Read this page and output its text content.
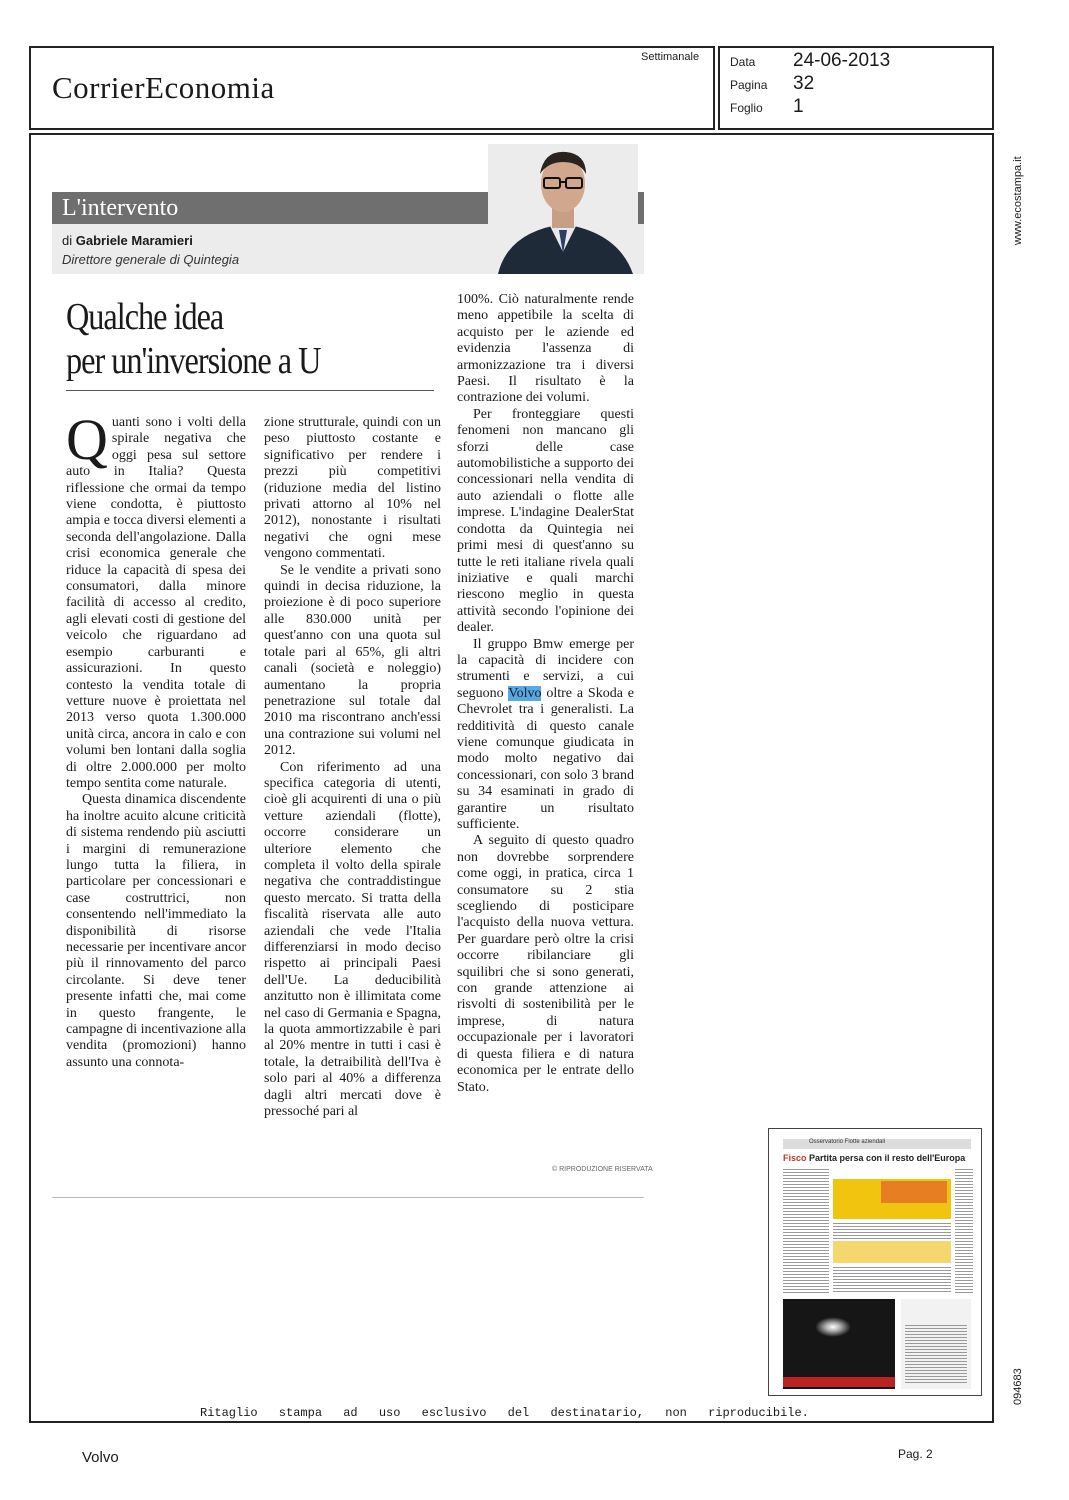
CorrierEconomia
Settimanale	Data 24-06-2013
Pagina 32
Foglio 1
www.ecostampa.it
094683
L'intervento
di Gabriele Maramieri
Direttore generale di Quintegia
Qualche idea
per un'inversione a U

Quanti sono i volti della spirale negativa che oggi pesa sul settore auto in Italia? Questa riflessione che ormai da tempo viene condotta, è piuttosto ampia e tocca diversi elementi a seconda dell'angolazione. Dalla crisi economica generale che riduce la capacità di spesa dei consumatori, dalla minore facilità di accesso al credito, agli elevati costi di gestione del veicolo che riguardano ad esempio carburanti e assicurazioni. In questo contesto la vendita totale di vetture nuove è proiettata nel 2013 verso quota 1.300.000 unità circa, ancora in calo e con volumi ben lontani dalla soglia di oltre 2.000.000 per molto tempo sentita come naturale.

Questa dinamica discendente ha inoltre acuito alcune criticità di sistema rendendo più asciutti i margini di remunerazione lungo tutta la filiera, in particolare per concessionari e case costruttrici, non consentendo nell'immediato la disponibilità di risorse necessarie per incentivare ancor più il rinnovamento del parco circolante. Si deve tener presente infatti che, mai come in questo frangente, le campagne di incentivazione alla vendita (promozioni) hanno assunto una connota-

zione strutturale, quindi con un peso piuttosto costante e significativo per rendere i prezzi più competitivi (riduzione media del listino privati attorno al 10% nel 2012), nonostante i risultati negativi che ogni mese vengono commentati.

Se le vendite a privati sono quindi in decisa riduzione, la proiezione è di poco superiore alle 830.000 unità per quest'anno con una quota sul totale pari al 65%, gli altri canali (società e noleggio) aumentano la propria penetrazione sul totale dal 2010 ma riscontrano anch'essi una contrazione sui volumi nel 2012.

Con riferimento ad una specifica categoria di utenti, cioè gli acquirenti di una o più vetture aziendali (flotte), occorre considerare un ulteriore elemento che completa il volto della spirale negativa che contraddistingue questo mercato. Si tratta della fiscalità riservata alle auto aziendali che vede l'Italia differenziarsi in modo deciso rispetto ai principali Paesi dell'Ue. La deducibilità anzitutto non è illimitata come nel caso di Germania e Spagna, la quota ammortizzabile è pari al 20% mentre in tutti i casi è totale, la detraibilità dell'Iva è solo pari al 40% a differenza dagli altri mercati dove è pressoché pari al

100%. Ciò naturalmente rende meno appetibile la scelta di acquisto per le aziende ed evidenzia l'assenza di armonizzazione tra i diversi Paesi. Il risultato è la contrazione dei volumi.

Per fronteggiare questi fenomeni non mancano gli sforzi delle case automobilistiche a supporto dei concessionari nella vendita di auto aziendali o flotte alle imprese. L'indagine DealerStat condotta da Quintegia nei primi mesi di quest'anno su tutte le reti italiane rivela quali iniziative e quali marchi riescono meglio in questa attività secondo l'opinione dei dealer.

Il gruppo Bmw emerge per la capacità di incidere con strumenti e servizi, a cui seguono Volvo oltre a Skoda e Chevrolet tra i generalisti. La redditività di questo canale viene comunque giudicata in modo molto negativo dai concessionari, con solo 3 brand su 34 esaminati in grado di garantire un risultato sufficiente.

A seguito di questo quadro non dovrebbe sorprendere come oggi, in pratica, circa 1 consumatore su 2 stia scegliendo di posticipare l'acquisto della nuova vettura. Per guardare però oltre la crisi occorre ribilanciare gli squilibri che si sono generati, con grande attenzione ai risvolti di sostenibilità per le imprese, di natura occupazionale per i lavoratori di questa filiera e di natura economica per le entrate dello Stato.

© RIPRODUZIONE RISERVATA
Osservatorio Flotte aziendali
Fisco Partita persa con il resto dell'Europa
Ritaglio stampa ad uso esclusivo del destinatario, non riproducibile.
Volvo	Pag. 2
